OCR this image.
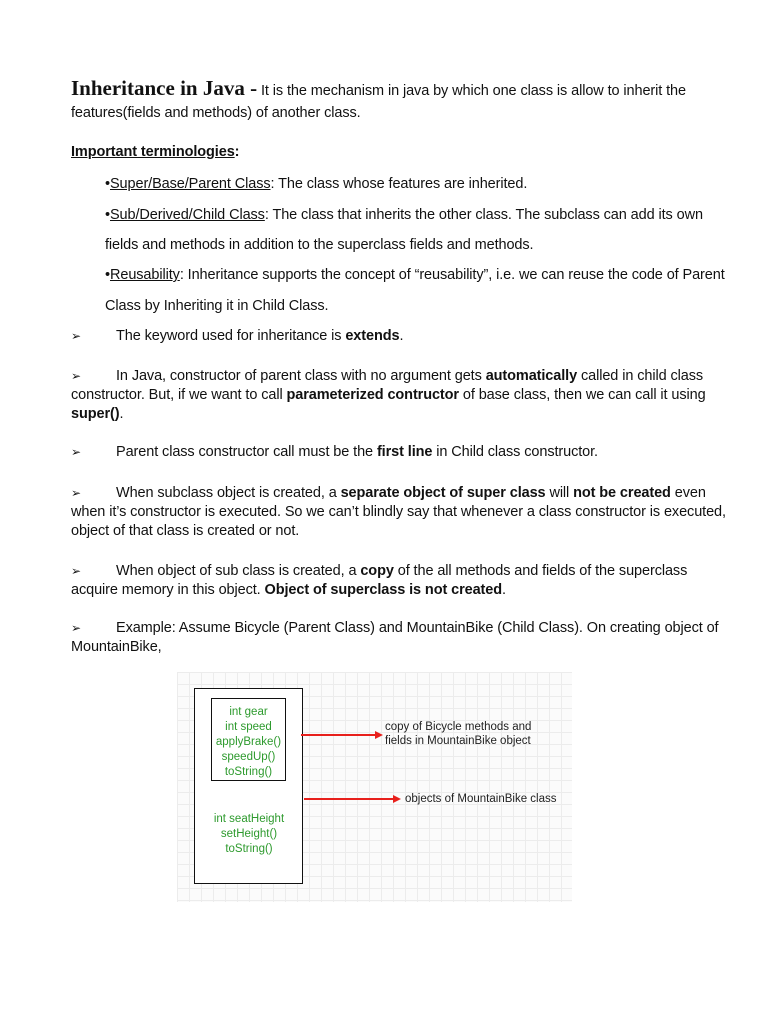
Inheritance in Java - It is the mechanism in java by which one class is allow to inherit the
features(fields and methods) of another class.
Important terminologies:
•Super/Base/Parent Class: The class whose features are inherited.
•Sub/Derived/Child Class: The class that inherits the other class. The subclass can add its own
fields and methods in addition to the superclass fields and methods.
•Reusability: Inheritance supports the concept of “reusability”, i.e. we can reuse the code of Parent
Class by Inheriting it in Child Class.
➢ The keyword used for inheritance is extends.
➢ In Java, constructor of parent class with no argument gets automatically called in child class
constructor. But, if we want to call parameterized contructor of base class, then we can call it using
super().
➢ Parent class constructor call must be the first line in Child class constructor.
➢ When subclass object is created, a separate object of super class will not be created even
when it’s constructor is executed. So we can’t blindly say that whenever a class constructor is executed,
object of that class is created or not.
➢ When object of sub class is created, a copy of the all methods and fields of the superclass
acquire memory in this object. Object of superclass is not created.
➢ Example: Assume Bicycle (Parent Class) and MountainBike (Child Class). On creating object of
MountainBike,
int gear
int speed
applyBrake()
speedUp()
toString()
int seatHeight
setHeight()
toString()
copy of Bicycle methods and
fields in MountainBike object
objects of MountainBike class
